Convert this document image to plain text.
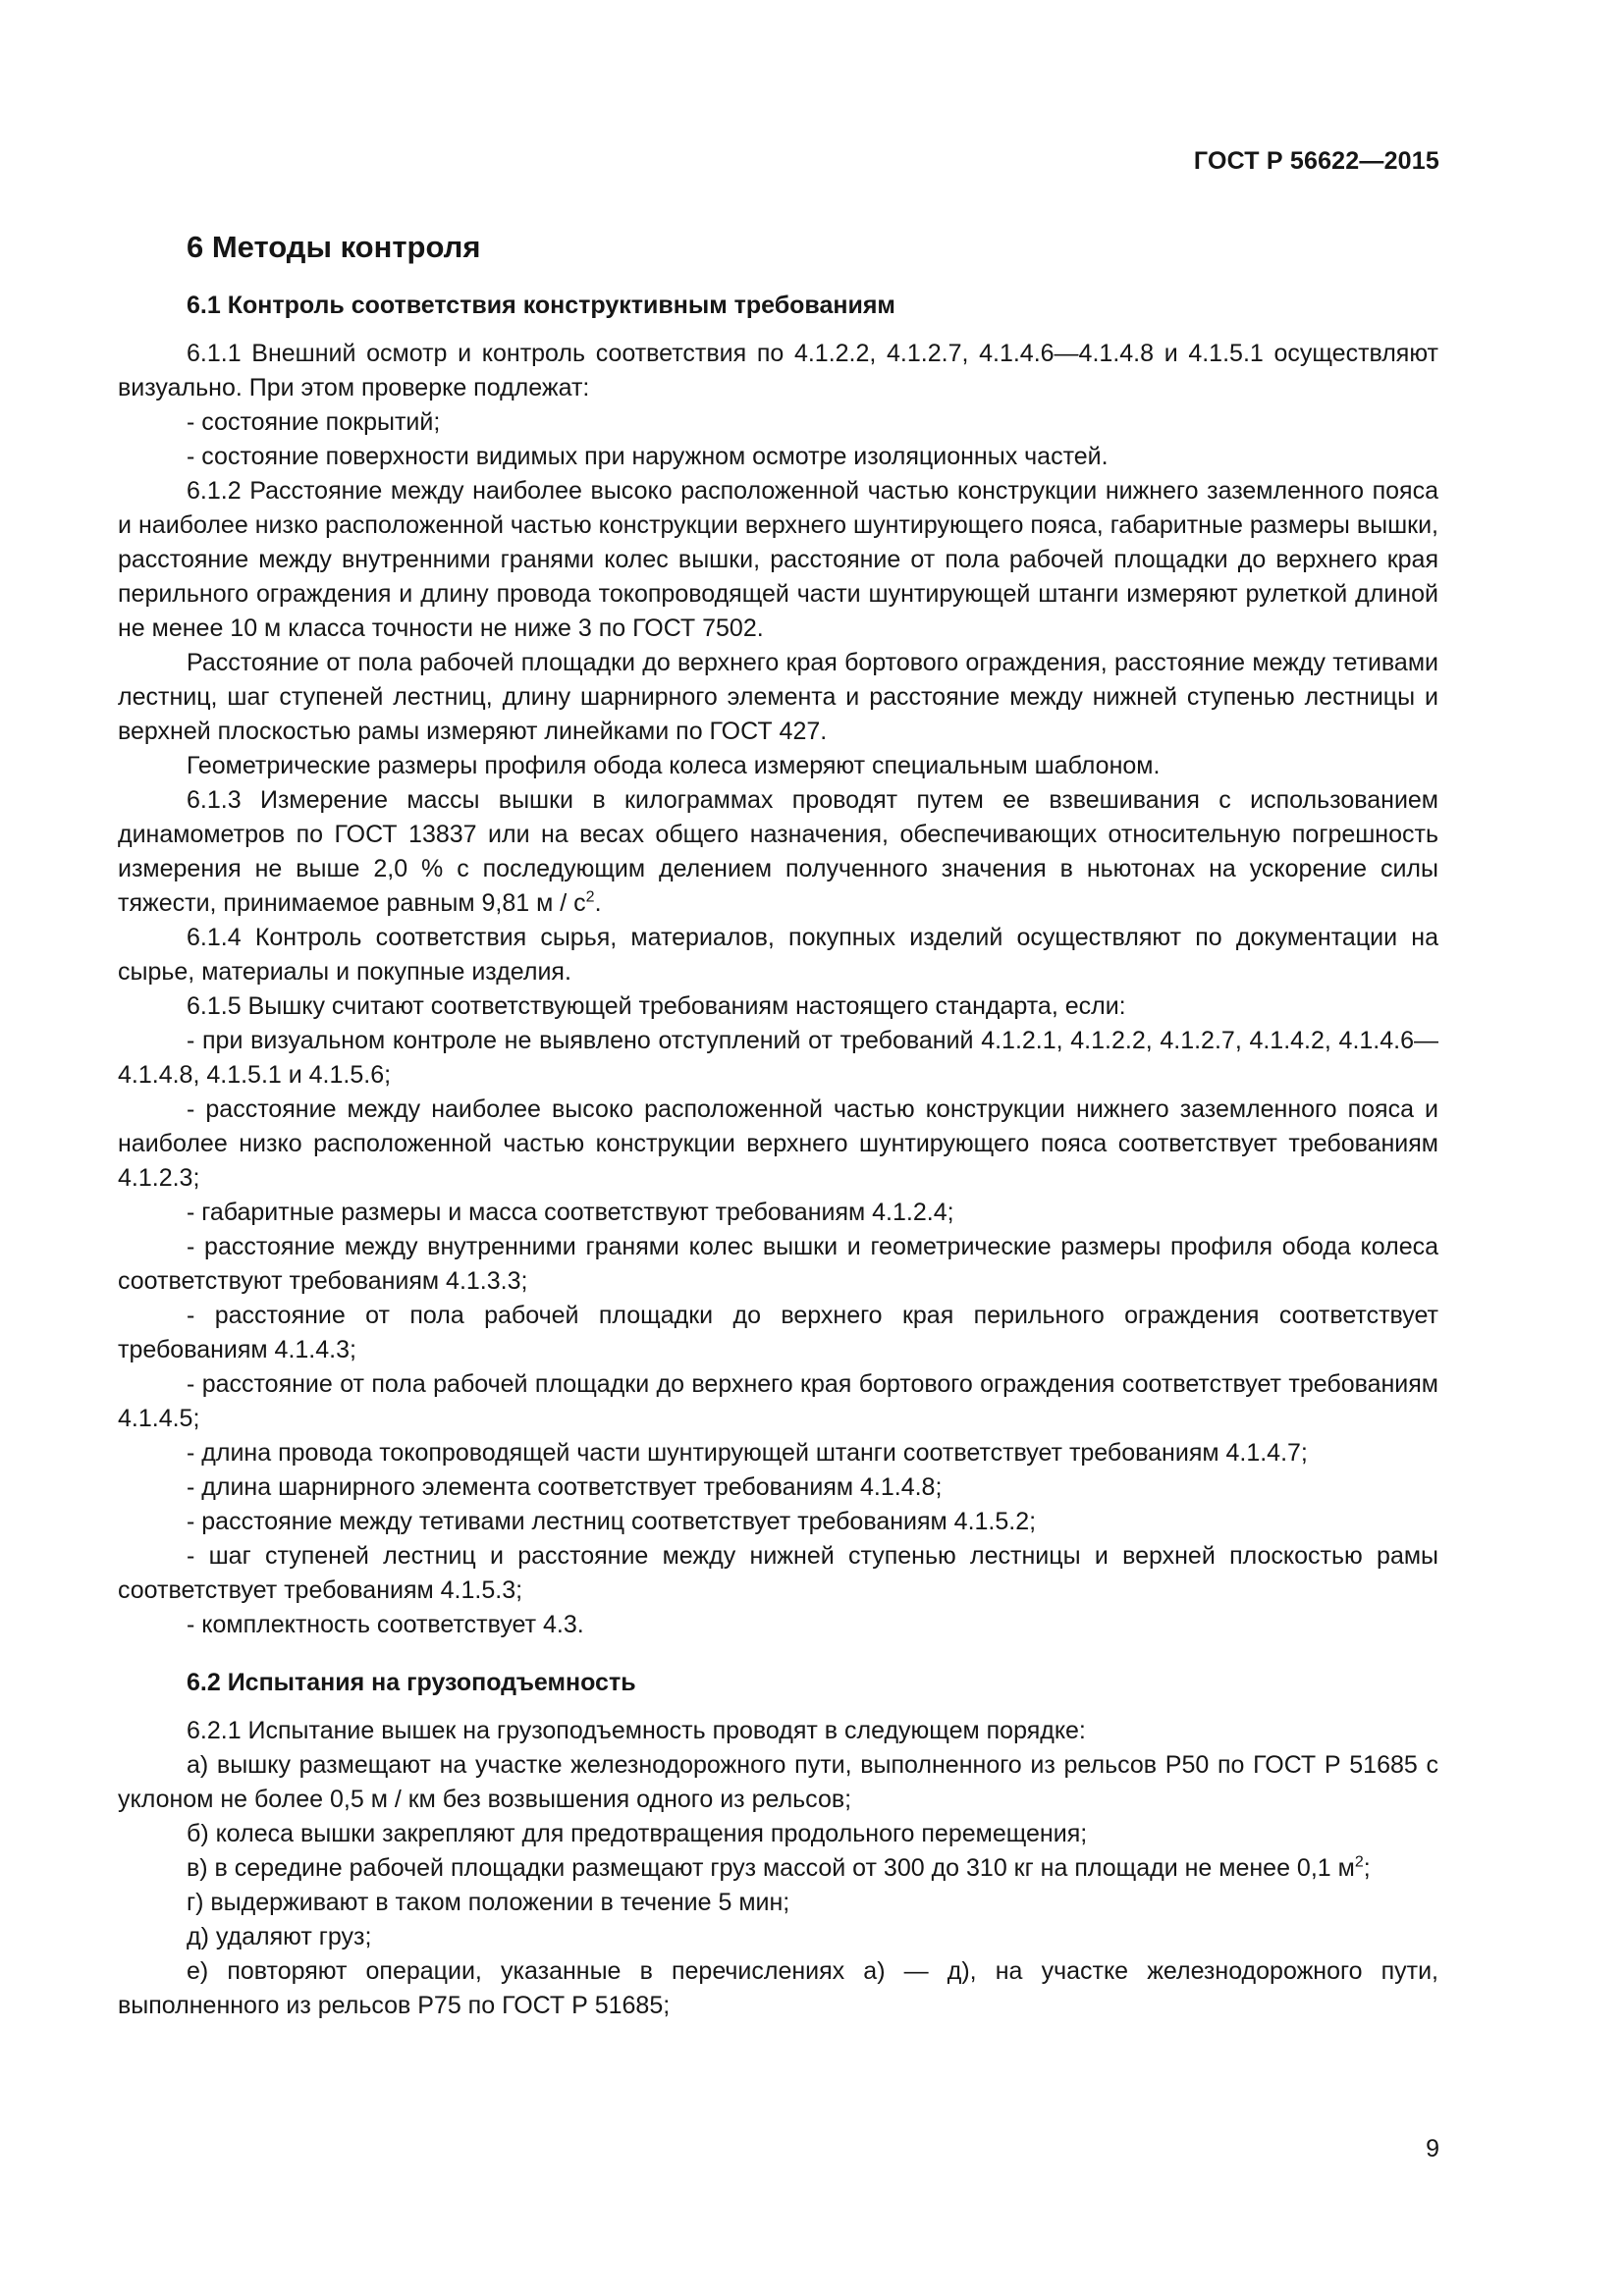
ГОСТ Р 56622—2015
6 Методы контроля
6.1 Контроль соответствия конструктивным требованиям

6.1.1 Внешний осмотр и контроль соответствия по 4.1.2.2, 4.1.2.7, 4.1.4.6—4.1.4.8 и 4.1.5.1 осуществляют визуально. При этом проверке подлежат:

- состояние покрытий;

- состояние поверхности видимых при наружном осмотре изоляционных частей.

6.1.2 Расстояние между наиболее высоко расположенной частью конструкции нижнего заземленного пояса и наиболее низко расположенной частью конструкции верхнего шунтирующего пояса, габаритные размеры вышки, расстояние между внутренними гранями колес вышки, расстояние от пола рабочей площадки до верхнего края перильного ограждения и длину провода токопроводящей части шунтирующей штанги измеряют рулеткой длиной не менее 10 м класса точности не ниже 3 по ГОСТ 7502.

Расстояние от пола рабочей площадки до верхнего края бортового ограждения, расстояние между тетивами лестниц, шаг ступеней лестниц, длину шарнирного элемента и расстояние между нижней ступенью лестницы и верхней плоскостью рамы измеряют линейками по ГОСТ 427.

Геометрические размеры профиля обода колеса измеряют специальным шаблоном.

6.1.3 Измерение массы вышки в килограммах проводят путем ее взвешивания с использованием динамометров по ГОСТ 13837 или на весах общего назначения, обеспечивающих относительную погрешность измерения не выше 2,0 % с последующим делением полученного значения в ньютонах на ускорение силы тяжести, принимаемое равным 9,81 м / $с^2$.

6.1.4 Контроль соответствия сырья, материалов, покупных изделий осуществляют по документации на сырье, материалы и покупные изделия.

6.1.5 Вышку считают соответствующей требованиям настоящего стандарта, если:

- при визуальном контроле не выявлено отступлений от требований 4.1.2.1, 4.1.2.2, 4.1.2.7, 4.1.4.2, 4.1.4.6—4.1.4.8, 4.1.5.1 и 4.1.5.6;

- расстояние между наиболее высоко расположенной частью конструкции нижнего заземленного пояса и наиболее низко расположенной частью конструкции верхнего шунтирующего пояса соответствует требованиям 4.1.2.3;

- габаритные размеры и масса соответствуют требованиям 4.1.2.4;

- расстояние между внутренними гранями колес вышки и геометрические размеры профиля обода колеса соответствуют требованиям 4.1.3.3;

- расстояние от пола рабочей площадки до верхнего края перильного ограждения соответствует требованиям 4.1.4.3;

- расстояние от пола рабочей площадки до верхнего края бортового ограждения соответствует требованиям 4.1.4.5;

- длина провода токопроводящей части шунтирующей штанги соответствует требованиям 4.1.4.7;

- длина шарнирного элемента соответствует требованиям 4.1.4.8;

- расстояние между тетивами лестниц соответствует требованиям 4.1.5.2;

- шаг ступеней лестниц и расстояние между нижней ступенью лестницы и верхней плоскостью рамы соответствует требованиям 4.1.5.3;

- комплектность соответствует 4.3.

6.2 Испытания на грузоподъемность

6.2.1 Испытание вышек на грузоподъемность проводят в следующем порядке:

а) вышку размещают на участке железнодорожного пути, выполненного из рельсов Р50 по ГОСТ Р 51685 с уклоном не более 0,5 м / км без возвышения одного из рельсов;

б) колеса вышки закрепляют для предотвращения продольного перемещения;

в) в середине рабочей площадки размещают груз массой от 300 до 310 кг на площади не менее 0,1 $м^2$;

г) выдерживают в таком положении в течение 5 мин;

д) удаляют груз;

е) повторяют операции, указанные в перечислениях а) — д), на участке железнодорожного пути, выполненного из рельсов Р75 по ГОСТ Р 51685;

9
